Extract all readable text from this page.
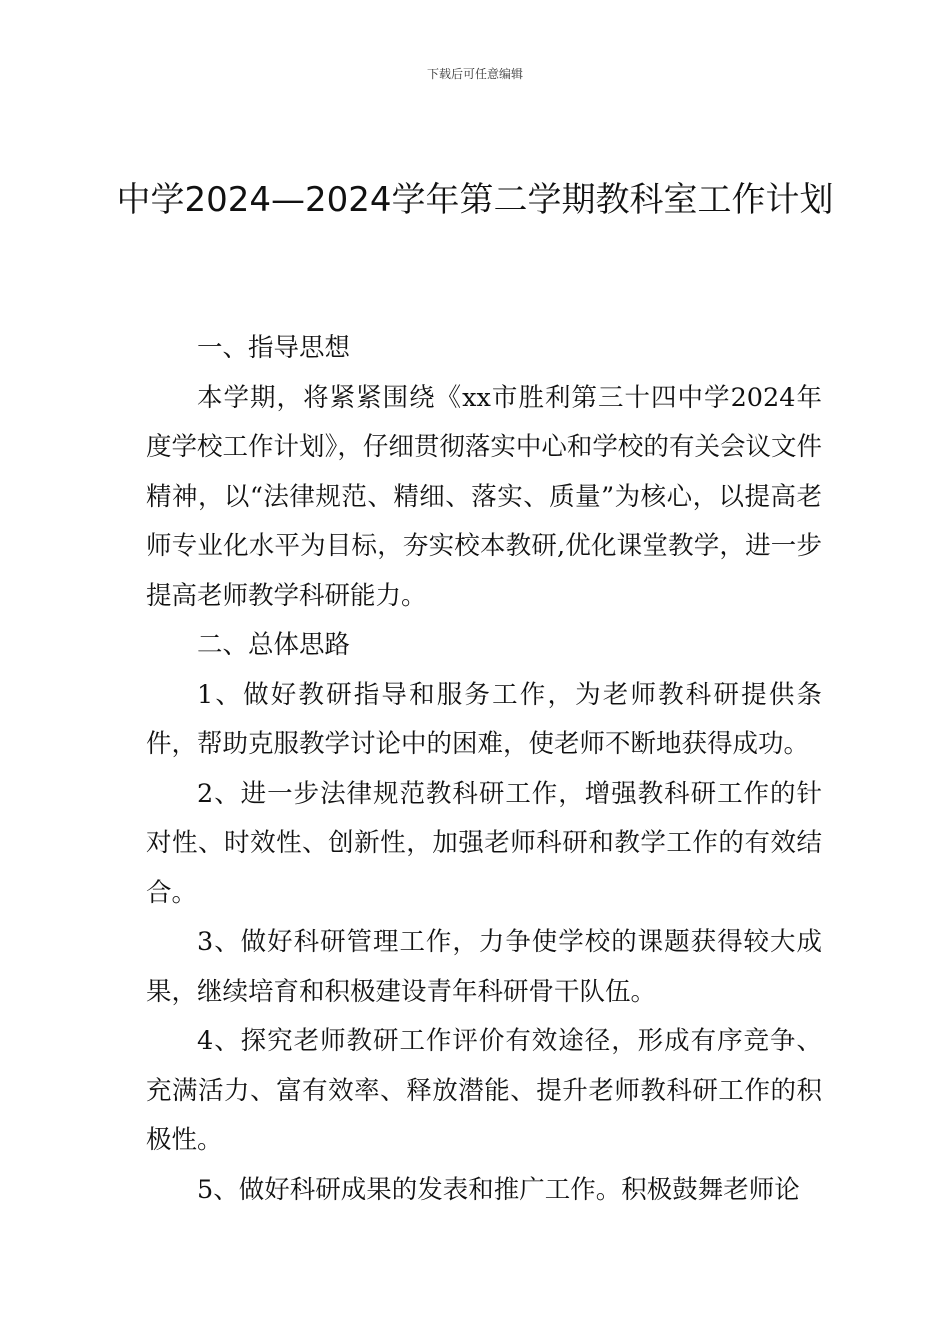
下载后可任意编辑
中学2024—2024学年第二学期教科室工作计划

一、指导思想

本学期，将紧紧围绕《xx市胜利第三十四中学2024年度学校工作计划》，仔细贯彻落实中心和学校的有关会议文件精神，以“法律规范、精细、落实、质量”为核心，以提高老师专业化水平为目标，夯实校本教研,优化课堂教学，进一步提高老师教学科研能力。

二、总体思路

1、做好教研指导和服务工作，为老师教科研提供条件，帮助克服教学讨论中的困难，使老师不断地获得成功。

2、进一步法律规范教科研工作，增强教科研工作的针对性、时效性、创新性，加强老师科研和教学工作的有效结合。

3、做好科研管理工作，力争使学校的课题获得较大成果，继续培育和积极建设青年科研骨干队伍。

4、探究老师教研工作评价有效途径，形成有序竞争、充满活力、富有效率、释放潜能、提升老师教科研工作的积极性。

5、做好科研成果的发表和推广工作。积极鼓舞老师论
